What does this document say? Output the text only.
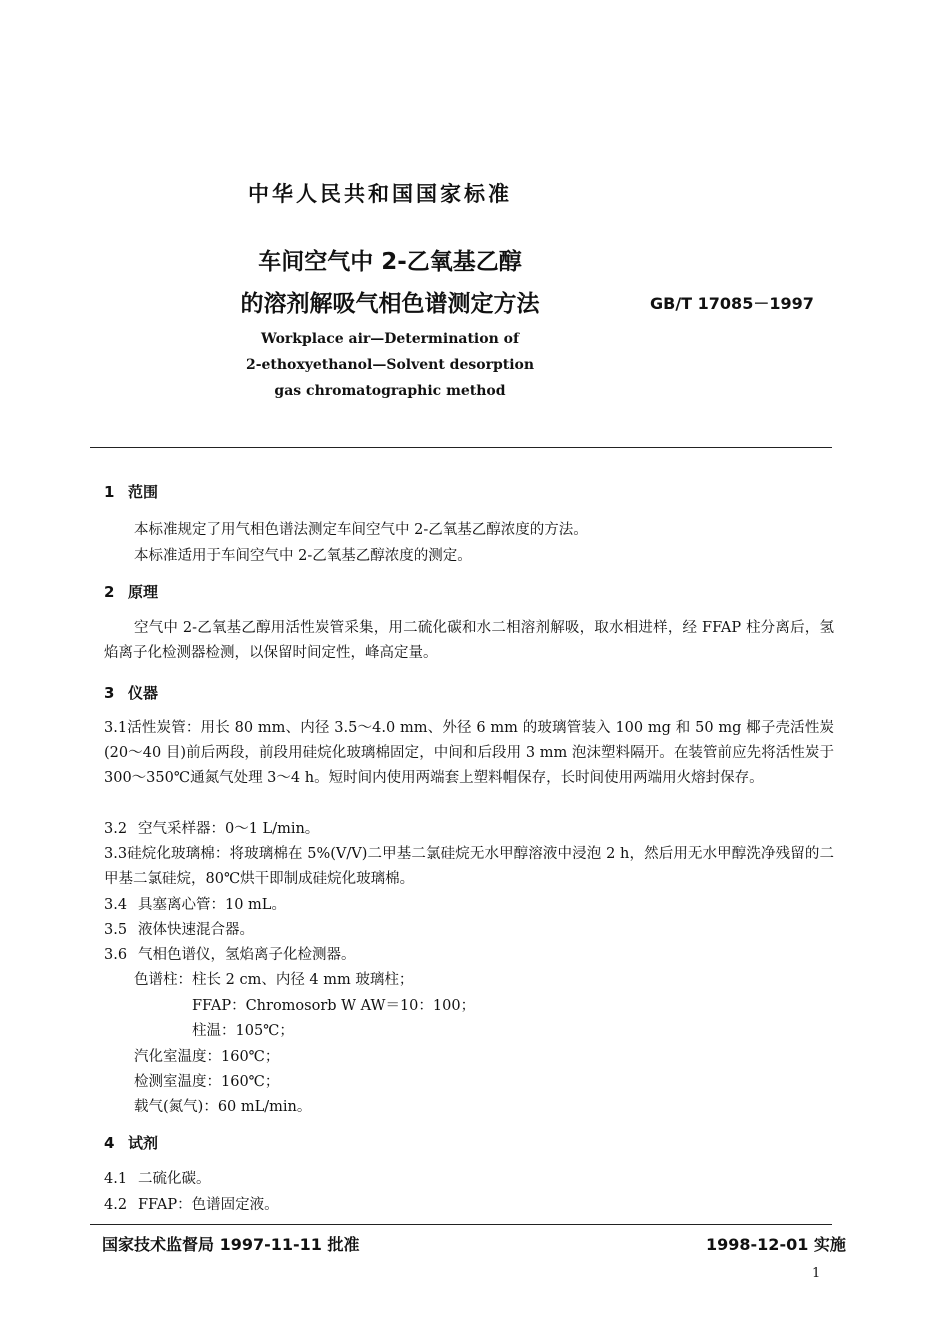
中华人民共和国国家标准
车间空气中 2-乙氧基乙醇
的溶剂解吸气相色谱测定方法	GB/T 17085－1997
Workplace air—Determination of
2-ethoxyethanol—Solvent desorption
gas chromatographic method
1 范围
本标准规定了用气相色谱法测定车间空气中 2-乙氧基乙醇浓度的方法。
本标准适用于车间空气中 2-乙氧基乙醇浓度的测定。
2 原理
空气中 2-乙氧基乙醇用活性炭管采集，用二硫化碳和水二相溶剂解吸，取水相进样，经 FFAP 柱分离后，氢焰离子化检测器检测，以保留时间定性，峰高定量。
3 仪器
3.1活性炭管：用长 80 mm、内径 3.5～4.0 mm、外径 6 mm 的玻璃管装入 100 mg 和 50 mg 椰子壳活性炭(20～40 目)前后两段，前段用硅烷化玻璃棉固定，中间和后段用 3 mm 泡沫塑料隔开。在装管前应先将活性炭于 300～350℃通氮气处理 3～4 h。短时间内使用两端套上塑料帽保存，长时间使用两端用火熔封保存。
3.2 空气采样器：0～1 L/min。
3.3硅烷化玻璃棉：将玻璃棉在 5%(V/V)二甲基二氯硅烷无水甲醇溶液中浸泡 2 h，然后用无水甲醇洗净残留的二甲基二氯硅烷，80℃烘干即制成硅烷化玻璃棉。
3.4 具塞离心管：10 mL。
3.5 液体快速混合器。
3.6 气相色谱仪，氢焰离子化检测器。
色谱柱：柱长 2 cm、内径 4 mm 玻璃柱；
FFAP：Chromosorb W AW＝10：100；
柱温：105℃；
汽化室温度：160℃；
检测室温度：160℃；
载气(氮气)：60 mL/min。
4 试剂
4.1 二硫化碳。
4.2 FFAP：色谱固定液。
国家技术监督局 1997-11-11 批准	1998-12-01 实施
1
